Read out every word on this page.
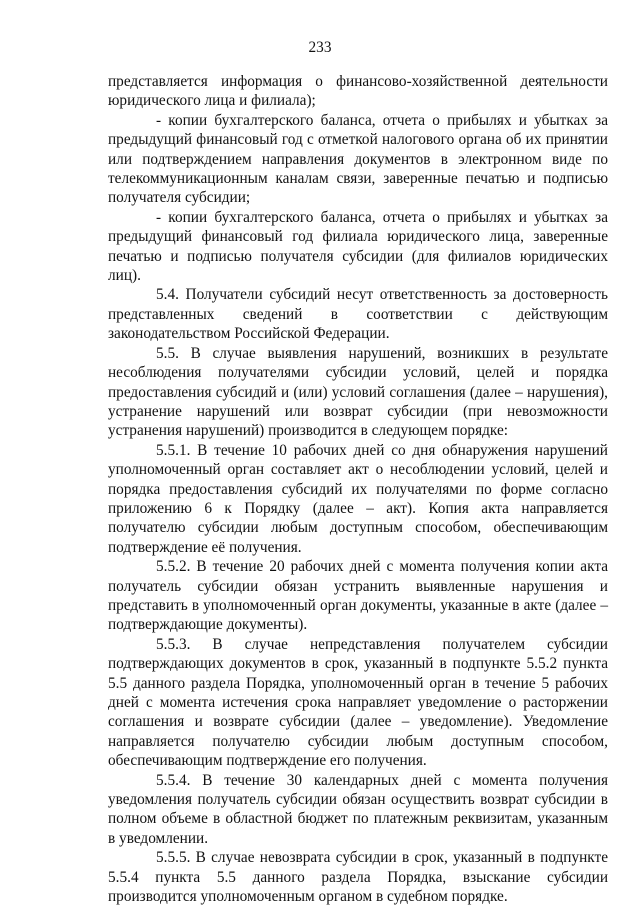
233

представляется информация о финансово-хозяйственной деятельности юридического лица и филиала);

- копии бухгалтерского баланса, отчета о прибылях и убытках за предыдущий финансовый год с отметкой налогового органа об их принятии или подтверждением направления документов в электронном виде по телекоммуникационным каналам связи, заверенные печатью и подписью получателя субсидии;

- копии бухгалтерского баланса, отчета о прибылях и убытках за предыдущий финансовый год филиала юридического лица, заверенные печатью и подписью получателя субсидии (для филиалов юридических лиц).

5.4. Получатели субсидий несут ответственность за достоверность представленных сведений в соответствии с действующим законодательством Российской Федерации.

5.5. В случае выявления нарушений, возникших в результате несоблюдения получателями субсидии условий, целей и порядка предоставления субсидий и (или) условий соглашения (далее – нарушения), устранение нарушений или возврат субсидии (при невозможности устранения нарушений) производится в следующем порядке:

5.5.1. В течение 10 рабочих дней со дня обнаружения нарушений уполномоченный орган составляет акт о несоблюдении условий, целей и порядка предоставления субсидий их получателями по форме согласно приложению 6 к Порядку (далее – акт). Копия акта направляется получателю субсидии любым доступным способом, обеспечивающим подтверждение её получения.

5.5.2. В течение 20 рабочих дней с момента получения копии акта получатель субсидии обязан устранить выявленные нарушения и представить в уполномоченный орган документы, указанные в акте (далее – подтверждающие документы).

5.5.3. В случае непредставления получателем субсидии подтверждающих документов в срок, указанный в подпункте 5.5.2 пункта 5.5 данного раздела Порядка, уполномоченный орган в течение 5 рабочих дней с момента истечения срока направляет уведомление о расторжении соглашения и возврате субсидии (далее – уведомление). Уведомление направляется получателю субсидии любым доступным способом, обеспечивающим подтверждение его получения.

5.5.4. В течение 30 календарных дней с момента получения уведомления получатель субсидии обязан осуществить возврат субсидии в полном объеме в областной бюджет по платежным реквизитам, указанным в уведомлении.

5.5.5. В случае невозврата субсидии в срок, указанный в подпункте 5.5.4 пункта 5.5 данного раздела Порядка, взыскание субсидии производится уполномоченным органом в судебном порядке.
